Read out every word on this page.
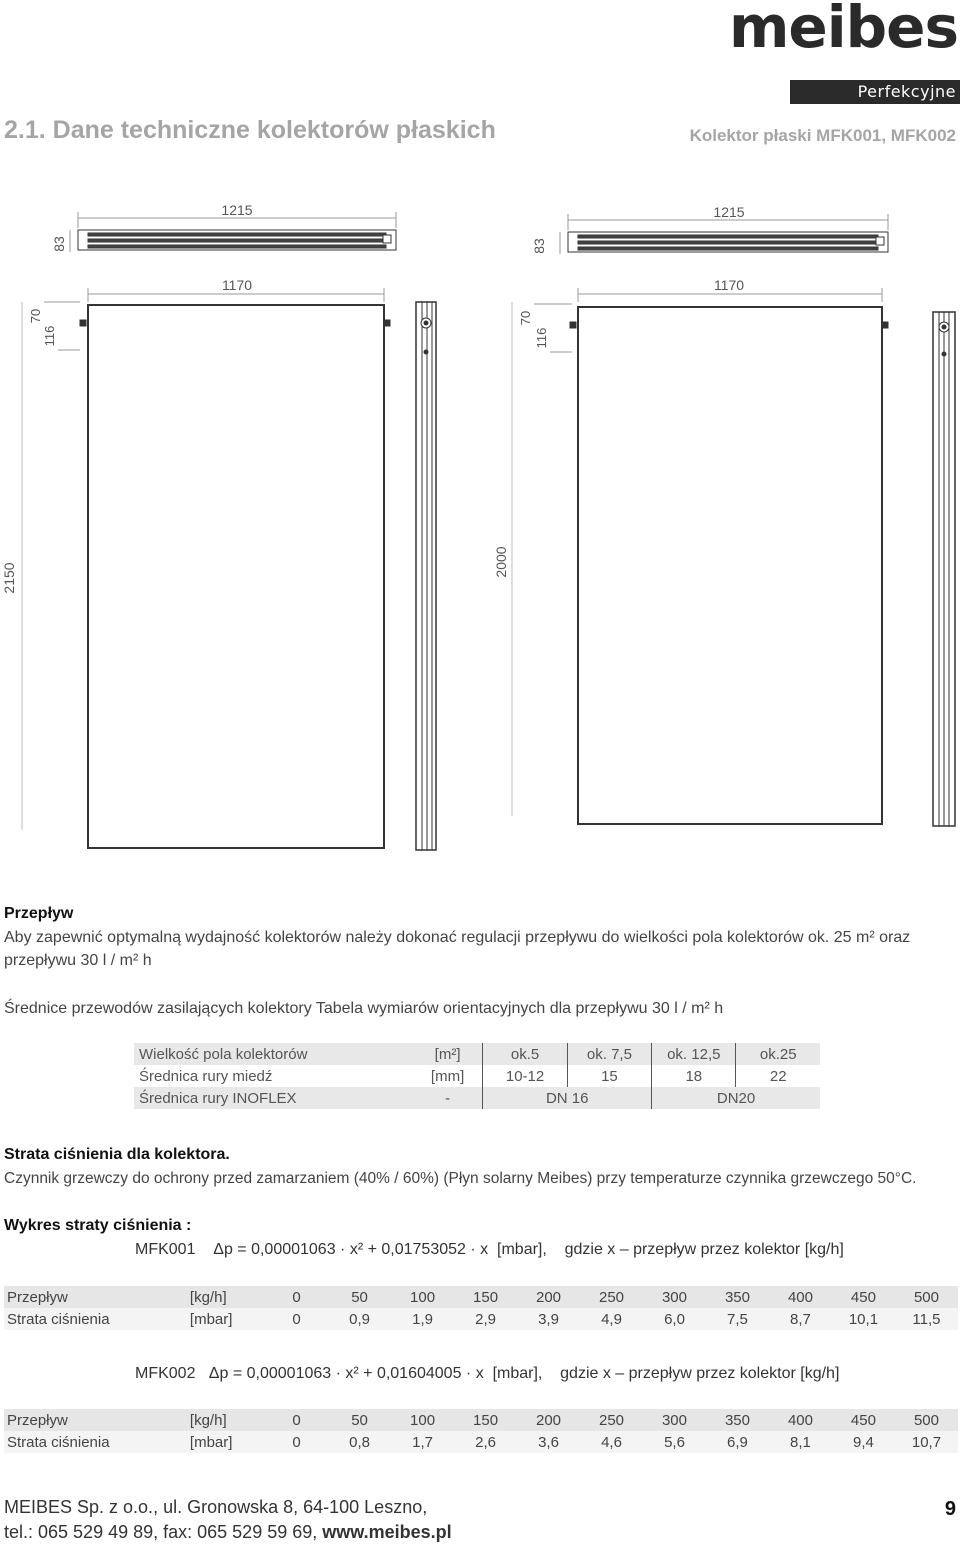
meibes
Perfekcyjne Systemy
2.1. Dane techniczne kolektorów płaskich	Kolektor płaski MFK001, MFK002
1215
83
1170
70
116
2150
1215
83
1170
70
116
2000
Przepływ
Aby zapewnić optymalną wydajność kolektorów należy dokonać regulacji przepływu do wielkości pola kolektorów ok. 25 m² oraz
przepływu 30 l / m² h
Średnice przewodów zasilających kolektory Tabela wymiarów orientacyjnych dla przepływu 30 l / m² h
Wielkość pola kolektorów	[m²]	ok.5	ok. 7,5	ok. 12,5	ok.25
Średnica rury miedź	[mm]	10-12	15	18	22
Średnica rury INOFLEX	-	DN 16		DN20	
Strata ciśnienia dla kolektora.
Czynnik grzewczy do ochrony przed zamarzaniem (40% / 60%) (Płyn solarny Meibes) przy temperaturze czynnika grzewczego 50°C.
Wykres straty ciśnienia :
MFK001    Δp = 0,00001063 · x² + 0,01753052 · x  [mbar],    gdzie x – przepływ przez kolektor [kg/h]
Przepływ	[kg/h]	0	50	100	150	200	250	300	350	400	450	500
Strata ciśnienia	[mbar]	0	0,9	1,9	2,9	3,9	4,9	6,0	7,5	8,7	10,1	11,5
MFK002   Δp = 0,00001063 · x² + 0,01604005 · x  [mbar],    gdzie x – przepływ przez kolektor [kg/h]
Przepływ	[kg/h]	0	50	100	150	200	250	300	350	400	450	500
Strata ciśnienia	[mbar]	0	0,8	1,7	2,6	3,6	4,6	5,6	6,9	8,1	9,4	10,7
MEIBES Sp. z o.o., ul. Gronowska 8, 64-100 Leszno,
tel.: 065 529 49 89, fax: 065 529 59 69, www.meibes.pl
9
